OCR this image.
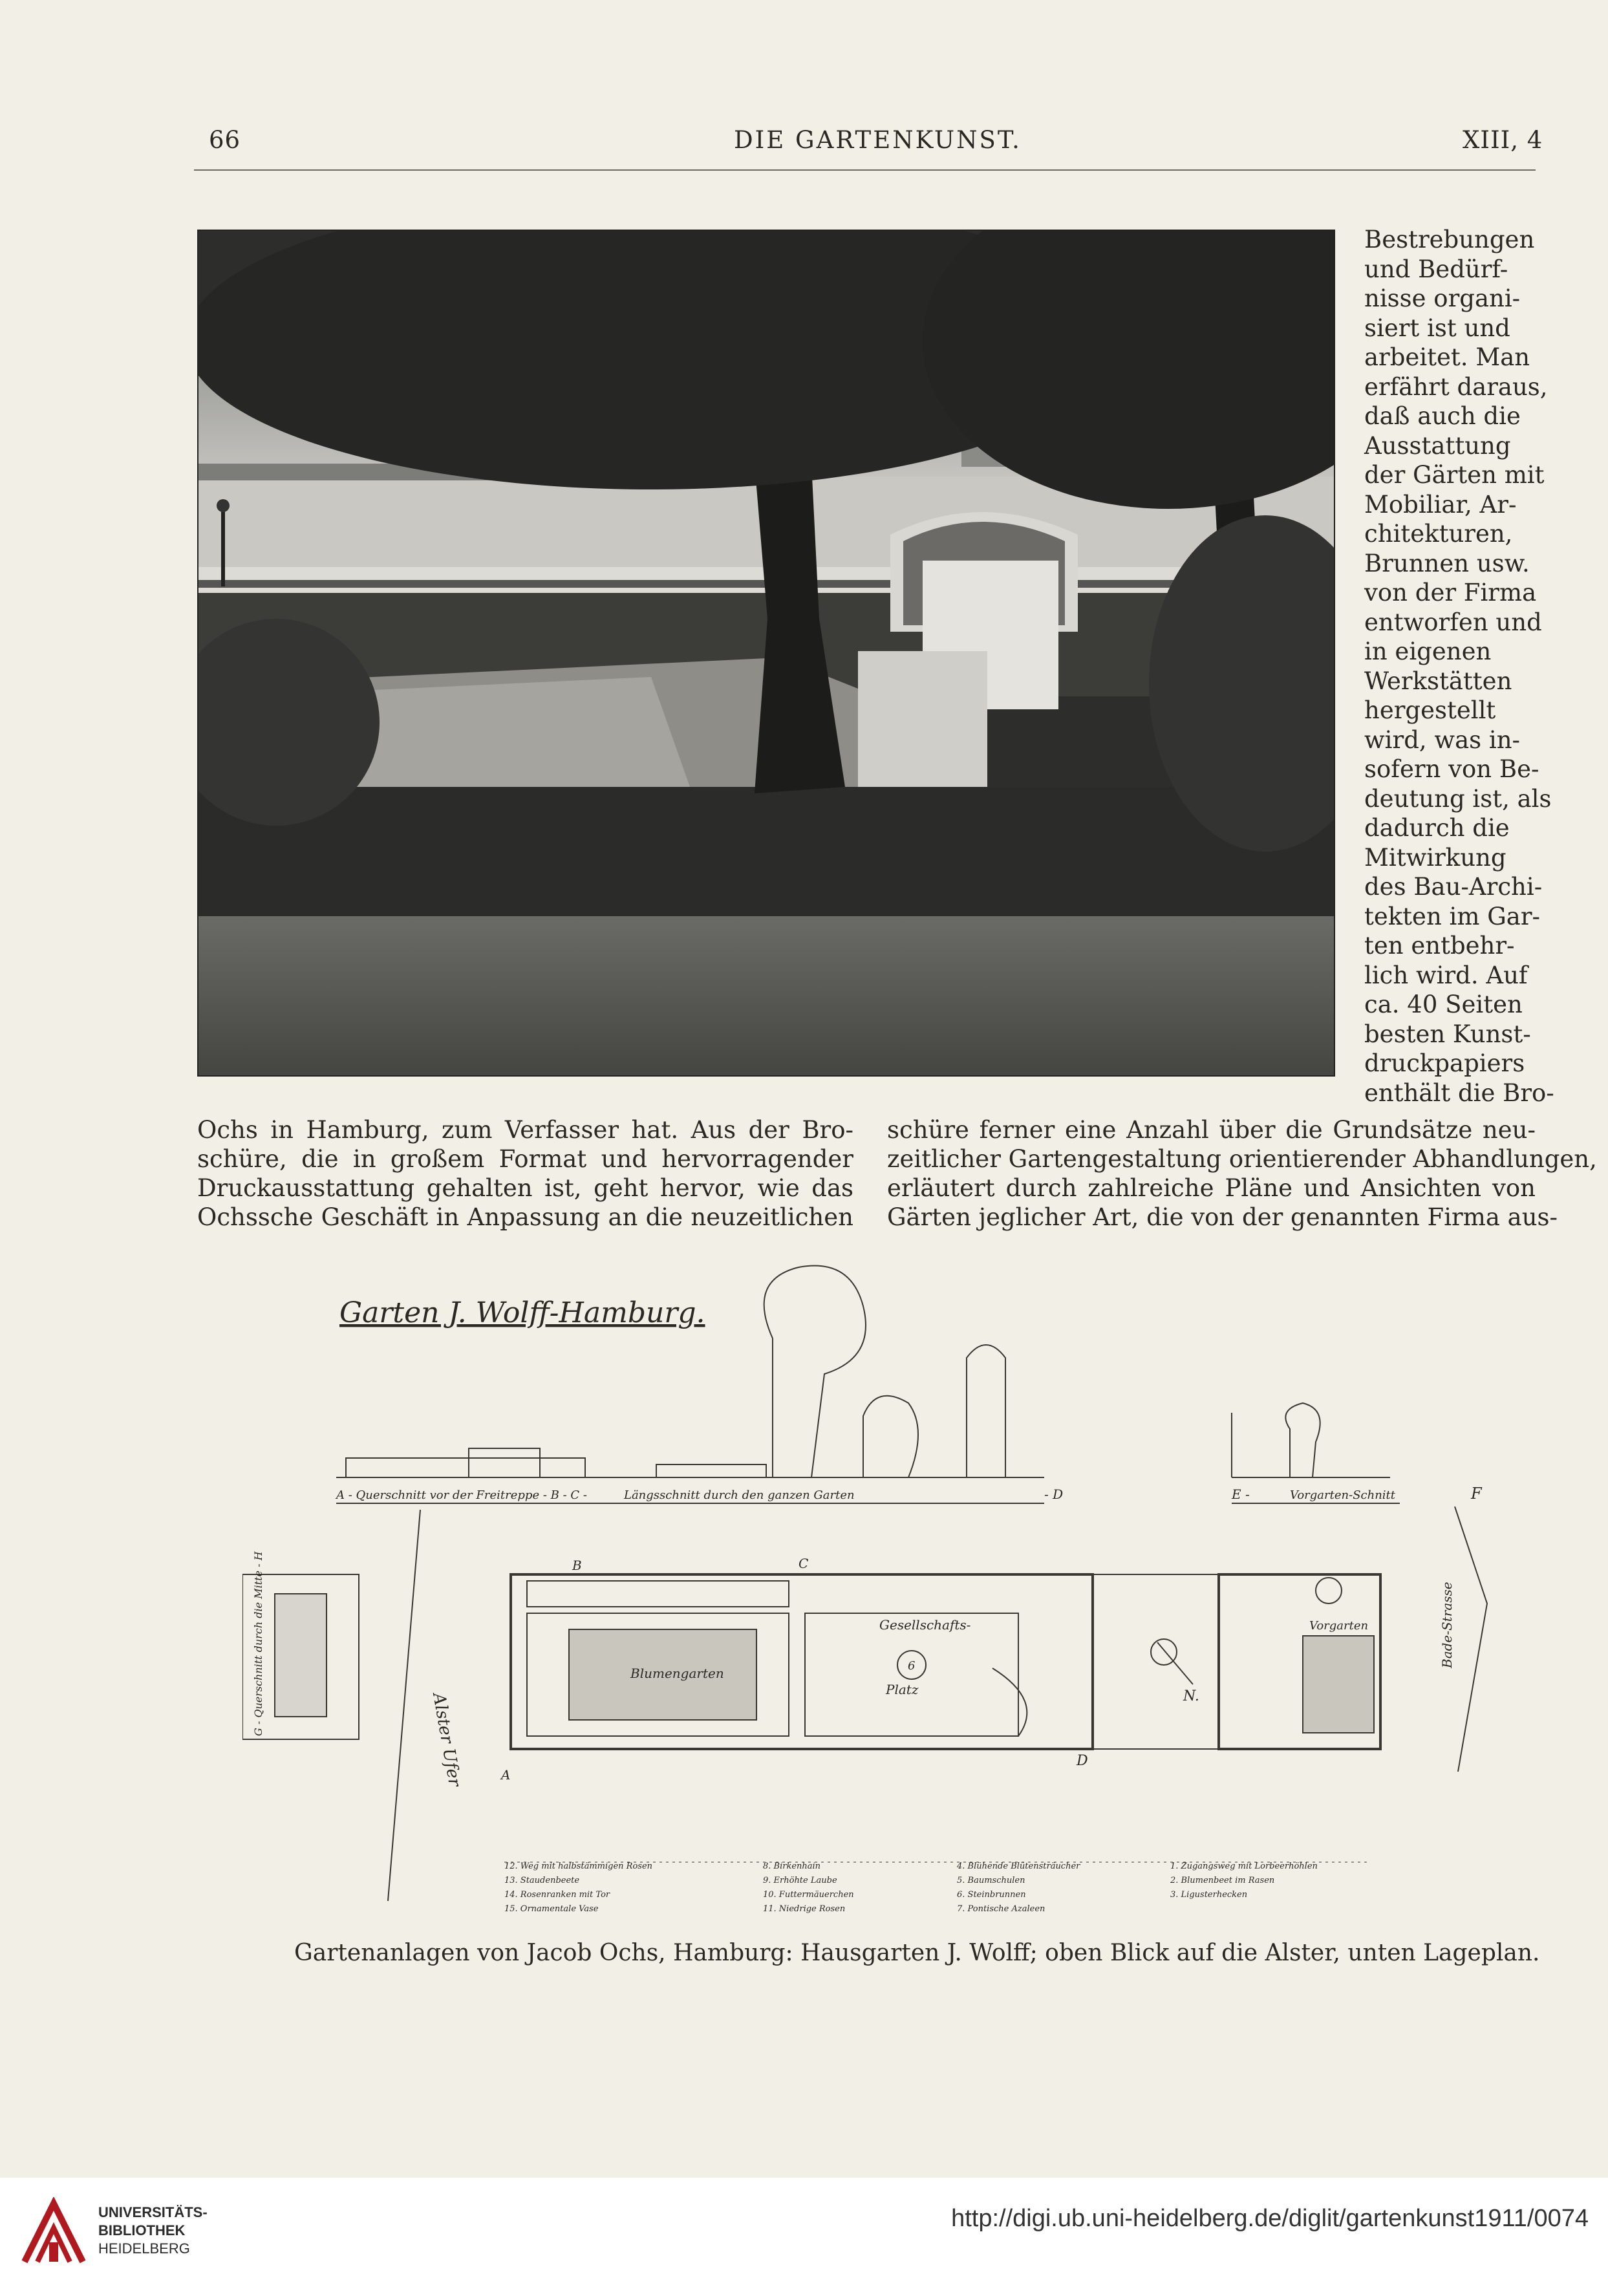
66	DIE GARTENKUNST.	XIII, 4
Bestrebungen
und Bedürf-
nisse organi-
siert ist und
arbeitet. Man
erfährt daraus,
daß auch die
Ausstattung
der Gärten mit
Mobiliar, Ar-
chitekturen,
Brunnen usw.
von der Firma
entworfen und
in eigenen
Werkstätten
hergestellt
wird, was in-
sofern von Be-
deutung ist, als
dadurch die
Mitwirkung
des Bau-Archi-
tekten im Gar-
ten entbehr-
lich wird. Auf
ca. 40 Seiten
besten Kunst-
druckpapiers
enthält die Bro-
Ochs in Hamburg, zum Verfasser hat. Aus der Bro-
schüre, die in großem Format und hervorragender
Druckausstattung gehalten ist, geht hervor, wie das
Ochssche Geschäft in Anpassung an die neuzeitlichen
schüre ferner eine Anzahl über die Grundsätze neu-
zeitlicher Gartengestaltung orientierender Abhandlungen,
erläutert durch zahlreiche Pläne und Ansichten von
Gärten jeglicher Art, die von der genannten Firma aus-
Garten J. Wolff-Hamburg.
A - Querschnitt vor der Freitreppe - B - C -	Längsschnitt durch den ganzen Garten	- D	E -	Vorgarten-Schnitt	F
G - Querschnitt durch die Mitte - H
Alster Ufer
Bade-Strasse
Blumengarten
Gesellschafts-
Platz
Vorgarten
N.
D
C
B
A
6
12. Weg mit halbstämmigen Rosen
13. Staudenbeete
14. Rosenranken mit Tor
15. Ornamentale Vase
8. Birkenhain
9. Erhöhte Laube
10. Futtermäuerchen
11. Niedrige Rosen
4. Blühende Blütensträucher
5. Baumschulen
6. Steinbrunnen
7. Pontische Azaleen
1. Zugangsweg mit Lorbeerhöhlen
2. Blumenbeet im Rasen
3. Ligusterhecken
Gartenanlagen von Jacob Ochs, Hamburg: Hausgarten J. Wolff; oben Blick auf die Alster, unten Lageplan.
UNIVERSITÄTS-
BIBLIOTHEK
HEIDELBERG
http://digi.ub.uni-heidelberg.de/diglit/gartenkunst1911/0074
